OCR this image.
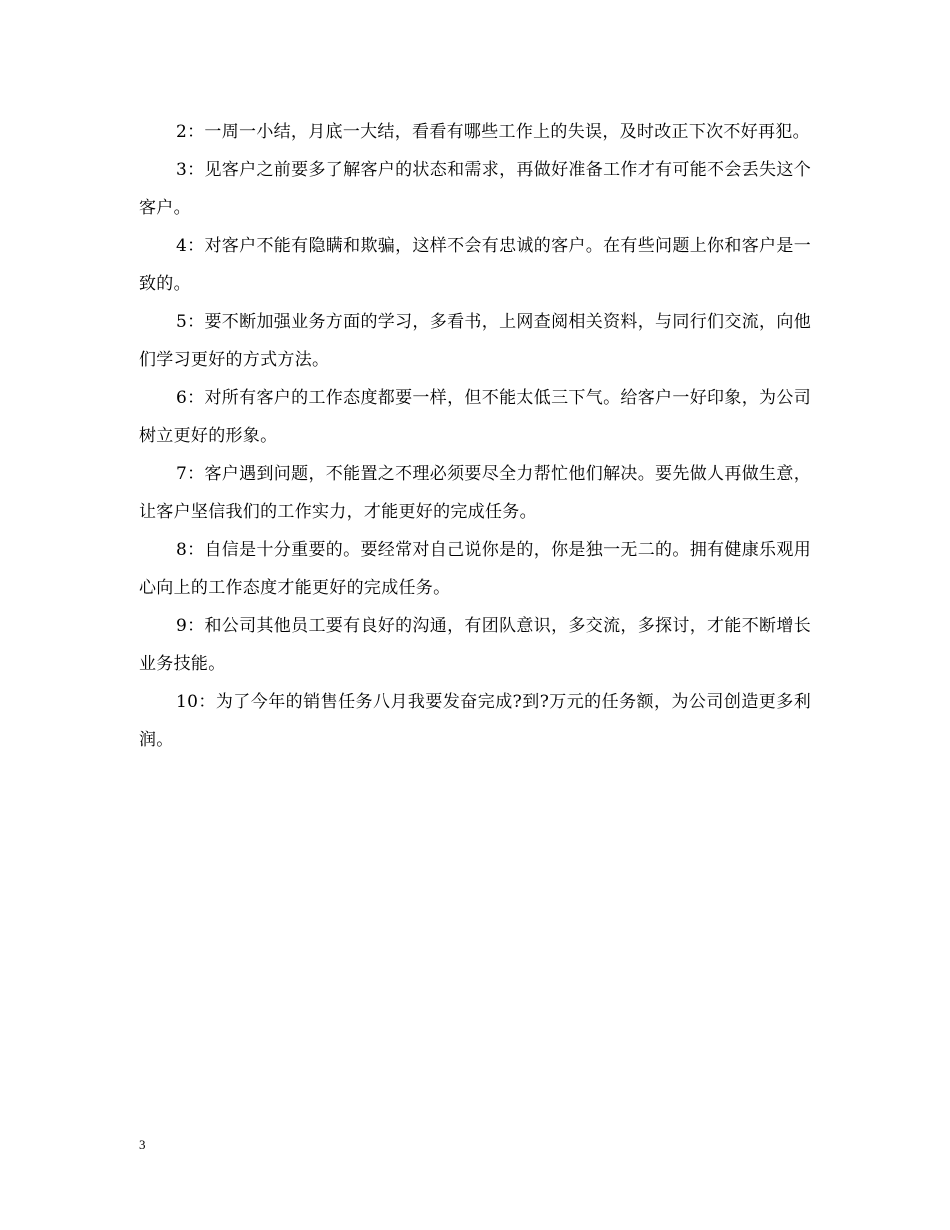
2：一周一小结，月底一大结，看看有哪些工作上的失误，及时改正下次不好再犯。

3：见客户之前要多了解客户的状态和需求，再做好准备工作才有可能不会丢失这个客户。

4：对客户不能有隐瞒和欺骗，这样不会有忠诚的客户。在有些问题上你和客户是一致的。

5：要不断加强业务方面的学习，多看书，上网查阅相关资料，与同行们交流，向他们学习更好的方式方法。

6：对所有客户的工作态度都要一样，但不能太低三下气。给客户一好印象，为公司树立更好的形象。

7：客户遇到问题，不能置之不理必须要尽全力帮忙他们解决。要先做人再做生意，让客户坚信我们的工作实力，才能更好的完成任务。

8：自信是十分重要的。要经常对自己说你是的，你是独一无二的。拥有健康乐观用心向上的工作态度才能更好的完成任务。

9：和公司其他员工要有良好的沟通，有团队意识，多交流，多探讨，才能不断增长业务技能。

10：为了今年的销售任务八月我要发奋完成?到?万元的任务额，为公司创造更多利润。

3
